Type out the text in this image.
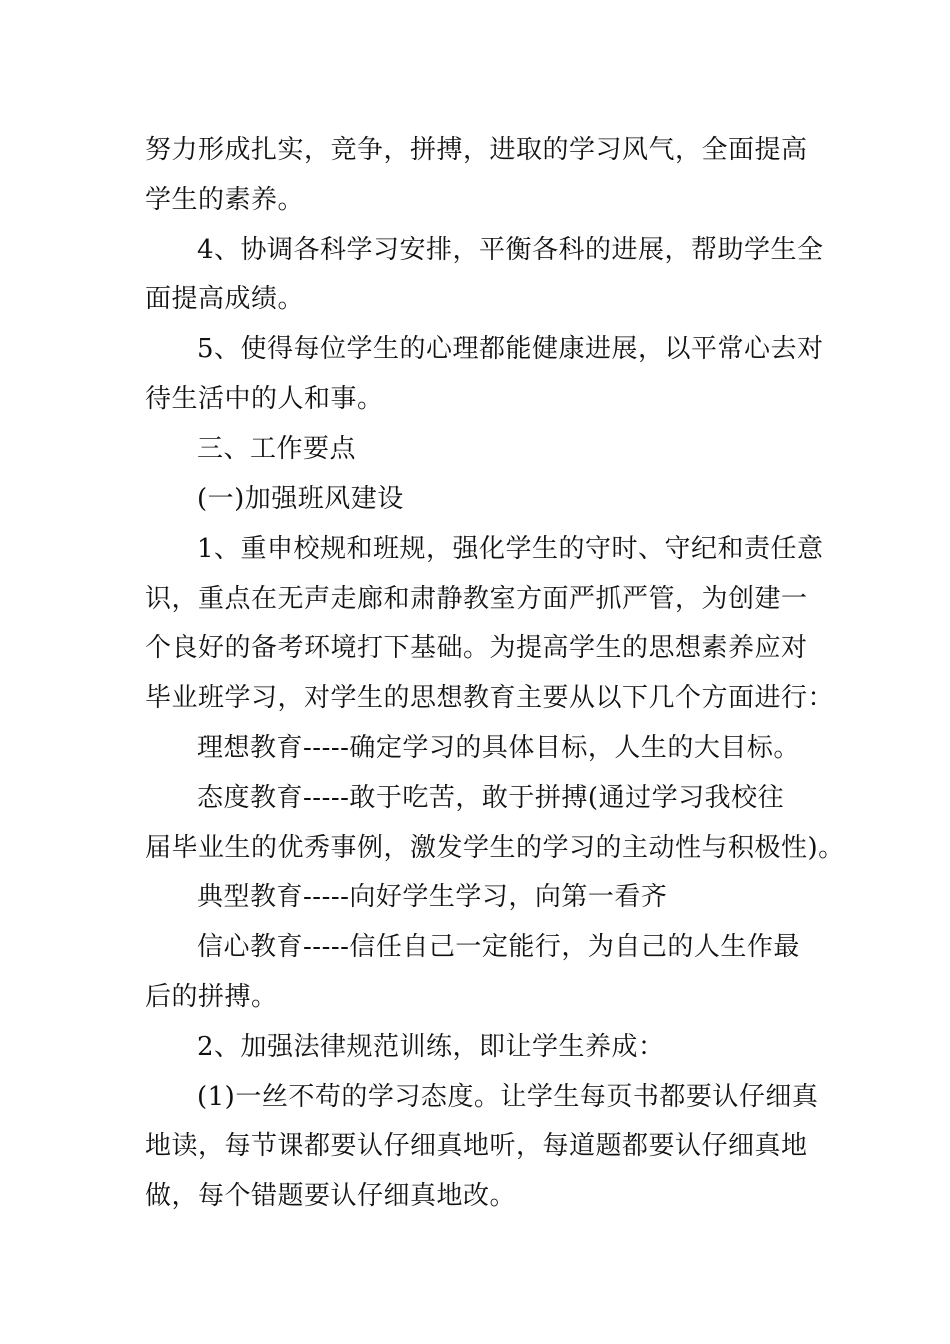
努力形成扎实，竞争，拼搏，进取的学习风气，全面提高
学生的素养。
4、协调各科学习安排，平衡各科的进展，帮助学生全
面提高成绩。
5、使得每位学生的心理都能健康进展，以平常心去对
待生活中的人和事。
三、工作要点
(一)加强班风建设
1、重申校规和班规，强化学生的守时、守纪和责任意
识，重点在无声走廊和肃静教室方面严抓严管，为创建一
个良好的备考环境打下基础。为提高学生的思想素养应对
毕业班学习，对学生的思想教育主要从以下几个方面进行：
理想教育-----确定学习的具体目标，人生的大目标。
态度教育-----敢于吃苦，敢于拼搏(通过学习我校往
届毕业生的优秀事例，激发学生的学习的主动性与积极性)。
典型教育-----向好学生学习，向第一看齐
信心教育-----信任自己一定能行，为自己的人生作最
后的拼搏。
2、加强法律规范训练，即让学生养成：
(1)一丝不苟的学习态度。让学生每页书都要认仔细真
地读，每节课都要认仔细真地听，每道题都要认仔细真地
做，每个错题要认仔细真地改。
